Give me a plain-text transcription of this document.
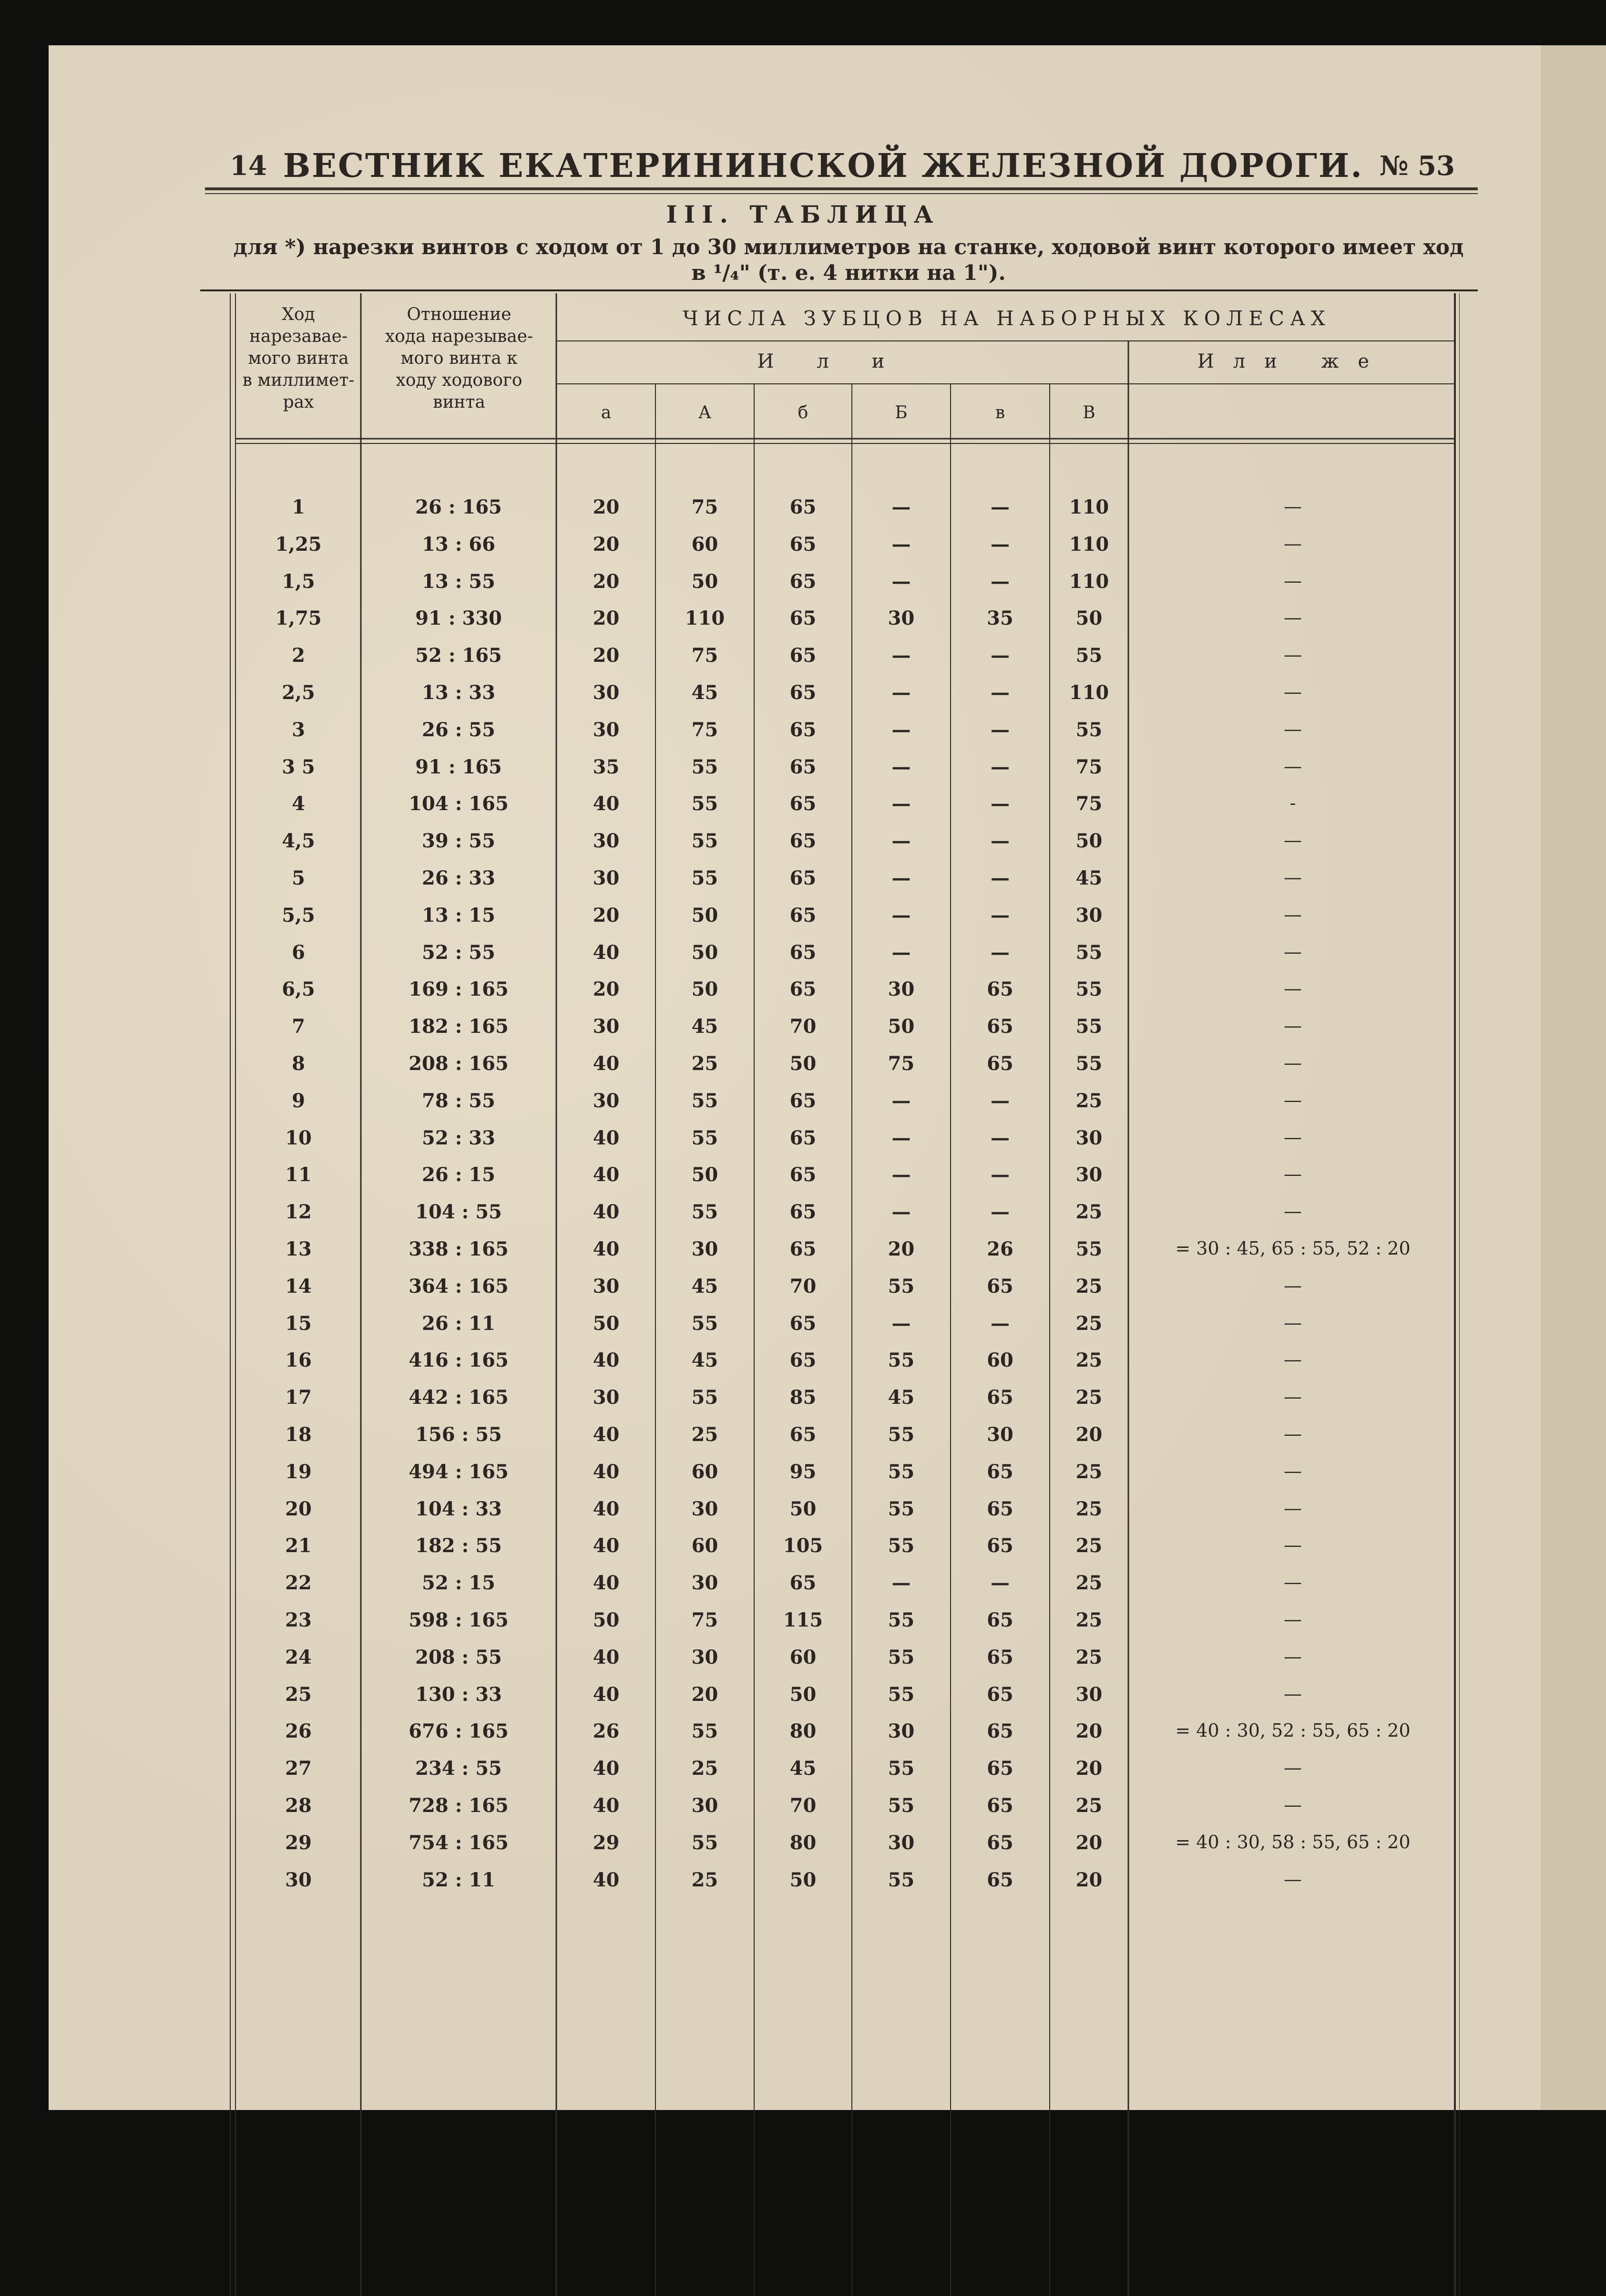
14 ВЕСТНИК ЕКАТЕРИНИНСКОЙ ЖЕЛЕЗНОЙ ДОРОГИ. № 53
III. ТАБЛИЦА
для *) нарезки винтов с ходом от 1 до 30 миллиметров на станке, ходовой винт которого имеет ход
в ¹/₄" (т. е. 4 нитки на 1").
Ход
нарезавае-
мого винта
в миллимет-
рах
Отношение
хода нарезывае-
мого винта к
ходу ходового
винта
ЧИСЛА ЗУБЦОВ НА НАБОРНЫХ КОЛЕСАХ
Или	Или же
а	А	б	Б	в	В
1	26 : 165	20	75	65	—	—	110	—
1,25	13 : 66	20	60	65	—	—	110	—
1,5	13 : 55	20	50	65	—	—	110	—
1,75	91 : 330	20	110	65	30	35	50	—
2	52 : 165	20	75	65	—	—	55	—
2,5	13 : 33	30	45	65	—	—	110	—
3	26 : 55	30	75	65	—	—	55	—
3 5	91 : 165	35	55	65	—	—	75	—
4	104 : 165	40	55	65	—	—	75	-
4,5	39 : 55	30	55	65	—	—	50	—
5	26 : 33	30	55	65	—	—	45	—
5,5	13 : 15	20	50	65	—	—	30	—
6	52 : 55	40	50	65	—	—	55	—
6,5	169 : 165	20	50	65	30	65	55	—
7	182 : 165	30	45	70	50	65	55	—
8	208 : 165	40	25	50	75	65	55	—
9	78 : 55	30	55	65	—	—	25	—
10	52 : 33	40	55	65	—	—	30	—
11	26 : 15	40	50	65	—	—	30	—
12	104 : 55	40	55	65	—	—	25	—
13	338 : 165	40	30	65	20	26	55	= 30 : 45, 65 : 55, 52 : 20
14	364 : 165	30	45	70	55	65	25	—
15	26 : 11	50	55	65	—	—	25	—
16	416 : 165	40	45	65	55	60	25	—
17	442 : 165	30	55	85	45	65	25	—
18	156 : 55	40	25	65	55	30	20	—
19	494 : 165	40	60	95	55	65	25	—
20	104 : 33	40	30	50	55	65	25	—
21	182 : 55	40	60	105	55	65	25	—
22	52 : 15	40	30	65	—	—	25	—
23	598 : 165	50	75	115	55	65	25	—
24	208 : 55	40	30	60	55	65	25	—
25	130 : 33	40	20	50	55	65	30	—
26	676 : 165	26	55	80	30	65	20	= 40 : 30, 52 : 55, 65 : 20
27	234 : 55	40	25	45	55	65	20	—
28	728 : 165	40	30	70	55	65	25	—
29	754 : 165	29	55	80	30	65	20	= 40 : 30, 58 : 55, 65 : 20
30	52 : 11	40	25	50	55	65	20	—
